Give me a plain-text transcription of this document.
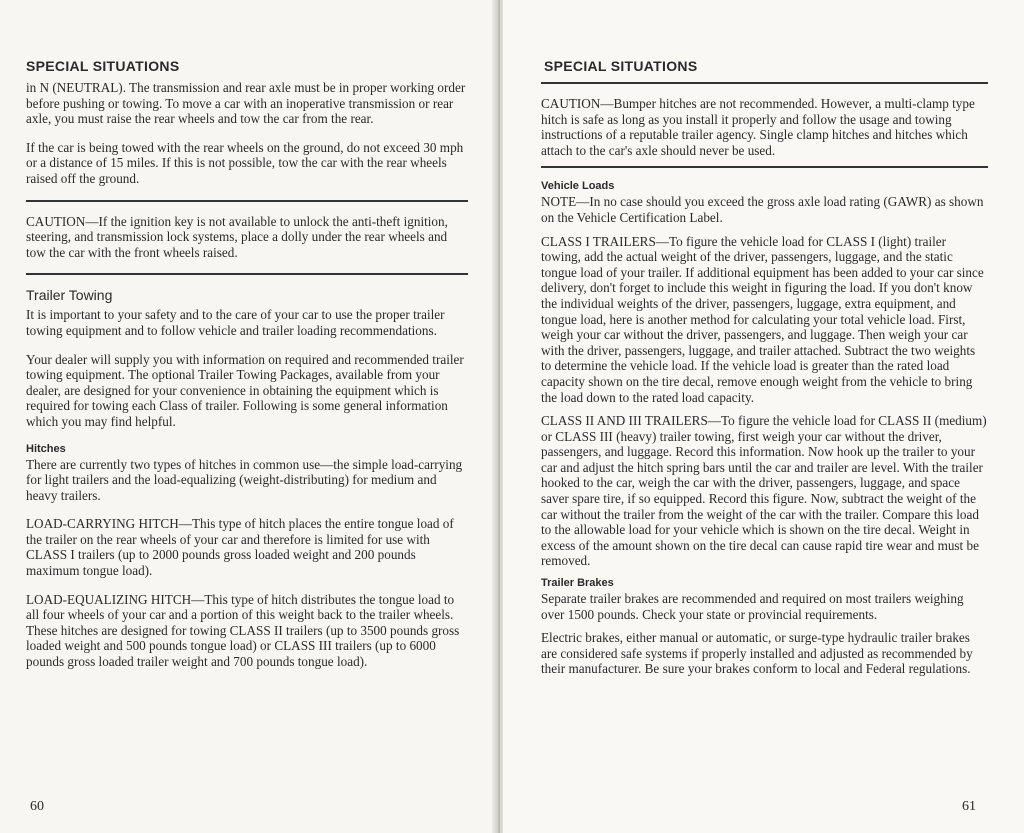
SPECIAL SITUATIONS

in N (NEUTRAL). The transmission and rear axle must be in proper working order before pushing or towing. To move a car with an inoperative transmission or rear axle, you must raise the rear wheels and tow the car from the rear.

If the car is being towed with the rear wheels on the ground, do not exceed 30 mph or a distance of 15 miles. If this is not possible, tow the car with the rear wheels raised off the ground.

CAUTION—If the ignition key is not available to unlock the anti-theft ignition, steering, and transmission lock systems, place a dolly under the rear wheels and tow the car with the front wheels raised.

Trailer Towing

It is important to your safety and to the care of your car to use the proper trailer towing equipment and to follow vehicle and trailer loading recommendations.

Your dealer will supply you with information on required and recommended trailer towing equipment. The optional Trailer Towing Packages, available from your dealer, are designed for your convenience in obtaining the equipment which is required for towing each Class of trailer. Following is some general information which you may find helpful.

Hitches

There are currently two types of hitches in common use—the simple load-carrying for light trailers and the load-equalizing (weight-distributing) for medium and heavy trailers.

LOAD-CARRYING HITCH—This type of hitch places the entire tongue load of the trailer on the rear wheels of your car and therefore is limited for use with CLASS I trailers (up to 2000 pounds gross loaded weight and 200 pounds maximum tongue load).

LOAD-EQUALIZING HITCH—This type of hitch distributes the tongue load to all four wheels of your car and a portion of this weight back to the trailer wheels. These hitches are designed for towing CLASS II trailers (up to 3500 pounds gross loaded weight and 500 pounds tongue load) or CLASS III trailers (up to 6000 pounds gross loaded trailer weight and 700 pounds tongue load).

60
SPECIAL SITUATIONS

CAUTION—Bumper hitches are not recommended. However, a multi-clamp type hitch is safe as long as you install it properly and follow the usage and towing instructions of a reputable trailer agency. Single clamp hitches and hitches which attach to the car's axle should never be used.

Vehicle Loads

NOTE—In no case should you exceed the gross axle load rating (GAWR) as shown on the Vehicle Certification Label.

CLASS I TRAILERS—To figure the vehicle load for CLASS I (light) trailer towing, add the actual weight of the driver, passengers, luggage, and the static tongue load of your trailer. If additional equipment has been added to your car since delivery, don't forget to include this weight in figuring the load. If you don't know the individual weights of the driver, passengers, luggage, extra equipment, and tongue load, here is another method for calculating your total vehicle load. First, weigh your car without the driver, passengers, and luggage. Then weigh your car with the driver, passengers, luggage, and trailer attached. Subtract the two weights to determine the vehicle load. If the vehicle load is greater than the rated load capacity shown on the tire decal, remove enough weight from the vehicle to bring the load down to the rated load capacity.

CLASS II AND III TRAILERS—To figure the vehicle load for CLASS II (medium) or CLASS III (heavy) trailer towing, first weigh your car without the driver, passengers, and luggage. Record this information. Now hook up the trailer to your car and adjust the hitch spring bars until the car and trailer are level. With the trailer hooked to the car, weigh the car with the driver, passengers, luggage, and space saver spare tire, if so equipped. Record this figure. Now, subtract the weight of the car without the trailer from the weight of the car with the trailer. Compare this load to the allowable load for your vehicle which is shown on the tire decal. Weight in excess of the amount shown on the tire decal can cause rapid tire wear and must be removed.

Trailer Brakes

Separate trailer brakes are recommended and required on most trailers weighing over 1500 pounds. Check your state or provincial requirements.

Electric brakes, either manual or automatic, or surge-type hydraulic trailer brakes are considered safe systems if properly installed and adjusted as recommended by their manufacturer. Be sure your brakes conform to local and Federal regulations.

61
